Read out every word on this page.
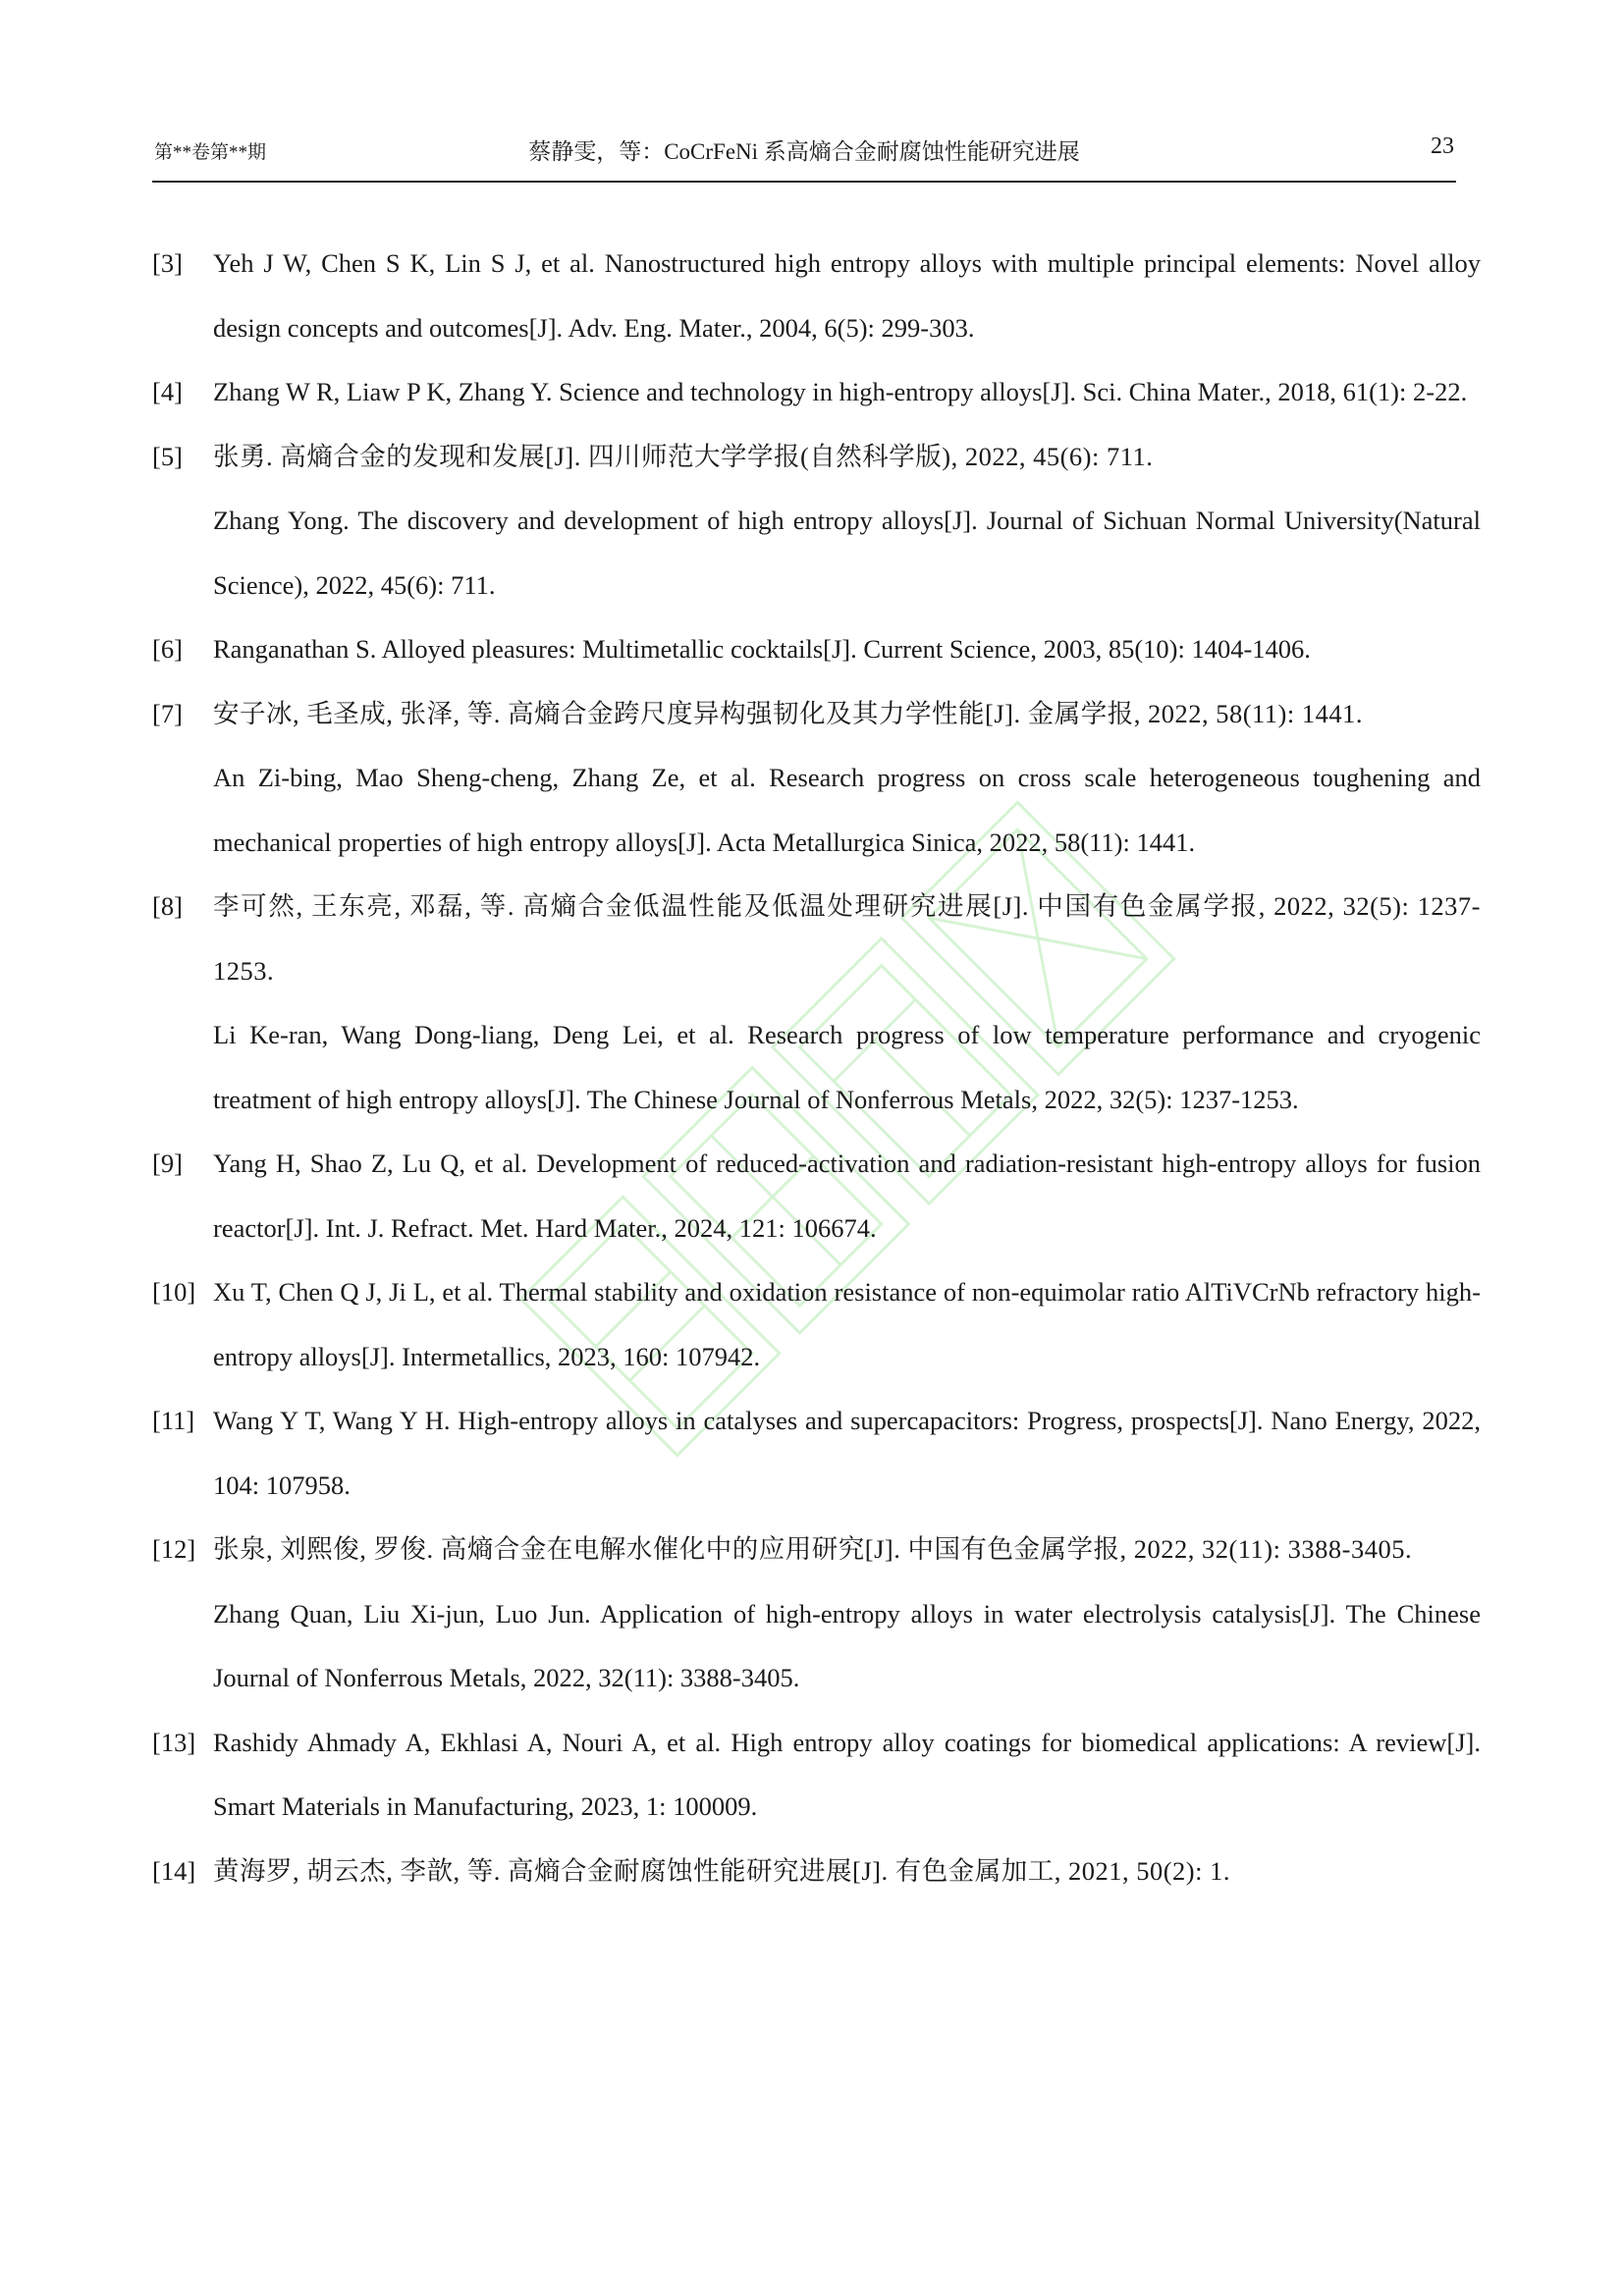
第**卷第**期	蔡静雯，等：CoCrFeNi 系高熵合金耐腐蚀性能研究进展	23
[3]	Yeh J W, Chen S K, Lin S J, et al. Nanostructured high entropy alloys with multiple principal elements: Novel alloy design concepts and outcomes[J]. Adv. Eng. Mater., 2004, 6(5): 299-303.

[4]	Zhang W R, Liaw P K, Zhang Y. Science and technology in high-entropy alloys[J]. Sci. China Mater., 2018, 61(1): 2-22.

[5]	张勇. 高熵合金的发现和发展[J]. 四川师范大学学报(自然科学版), 2022, 45(6): 711.

Zhang Yong. The discovery and development of high entropy alloys[J]. Journal of Sichuan Normal University(Natural Science), 2022, 45(6): 711.

[6]	Ranganathan S. Alloyed pleasures: Multimetallic cocktails[J]. Current Science, 2003, 85(10): 1404-1406.

[7]	安子冰, 毛圣成, 张泽, 等. 高熵合金跨尺度异构强韧化及其力学性能[J]. 金属学报, 2022, 58(11): 1441.

An Zi-bing, Mao Sheng-cheng, Zhang Ze, et al. Research progress on cross scale heterogeneous toughening and mechanical properties of high entropy alloys[J]. Acta Metallurgica Sinica, 2022, 58(11): 1441.

[8]	李可然, 王东亮, 邓磊, 等. 高熵合金低温性能及低温处理研究进展[J]. 中国有色金属学报, 2022, 32(5): 1237-1253.

Li Ke-ran, Wang Dong-liang, Deng Lei, et al. Research progress of low temperature performance and cryogenic treatment of high entropy alloys[J]. The Chinese Journal of Nonferrous Metals, 2022, 32(5): 1237-1253.

[9]	Yang H, Shao Z, Lu Q, et al. Development of reduced-activation and radiation-resistant high-entropy alloys for fusion reactor[J]. Int. J. Refract. Met. Hard Mater., 2024, 121: 106674.

[10] Xu T, Chen Q J, Ji L, et al. Thermal stability and oxidation resistance of non-equimolar ratio AlTiVCrNb refractory high-entropy alloys[J]. Intermetallics, 2023, 160: 107942.

[11] Wang Y T, Wang Y H. High-entropy alloys in catalyses and supercapacitors: Progress, prospects[J]. Nano Energy, 2022, 104: 107958.

[12] 张泉, 刘熙俊, 罗俊. 高熵合金在电解水催化中的应用研究[J]. 中国有色金属学报, 2022, 32(11): 3388-3405.

Zhang Quan, Liu Xi-jun, Luo Jun. Application of high-entropy alloys in water electrolysis catalysis[J]. The Chinese Journal of Nonferrous Metals, 2022, 32(11): 3388-3405.

[13] Rashidy Ahmady A, Ekhlasi A, Nouri A, et al. High entropy alloy coatings for biomedical applications: A review[J]. Smart Materials in Manufacturing, 2023, 1: 100009.

[14] 黄海罗, 胡云杰, 李歆, 等. 高熵合金耐腐蚀性能研究进展[J]. 有色金属加工, 2021, 50(2): 1.
